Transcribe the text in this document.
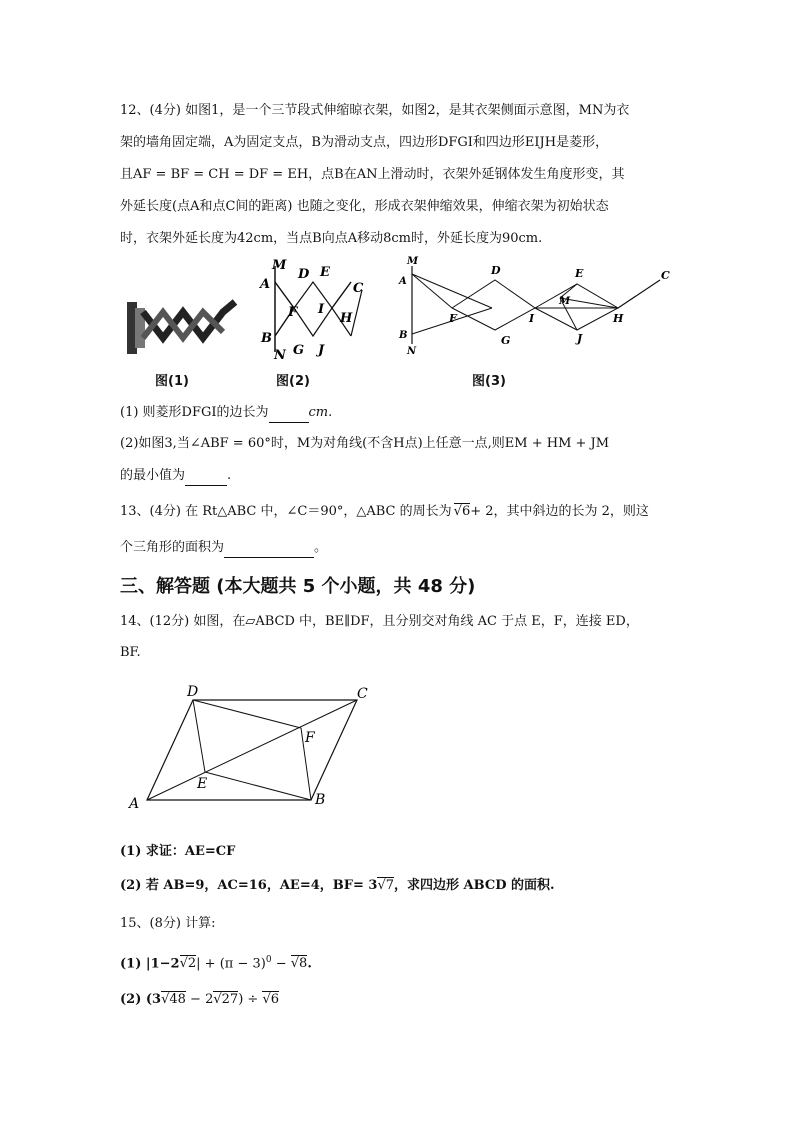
12、(4分) 如图1，是一个三节段式伸缩晾衣架，如图2，是其衣架侧面示意图，MN为衣
架的墙角固定端，A为固定支点，B为滑动支点，四边形DFGI和四边形EIJH是菱形，
且AF = BF = CH = DF = EH，点B在AN上滑动时，衣架外延钢体发生角度形变，其
外延长度(点A和点C间的距离) 也随之变化，形成衣架伸缩效果，伸缩衣架为初始状态
时，衣架外延长度为42cm，当点B向点A移动8cm时，外延长度为90cm.
M
D E
A	C
F I
H
B
N G J
M
D	E	C
A
M
F	I	H
B
N
G	J
图(1)	图(2)	图(3)
(1) 则菱形DFGI的边长为	cm.
(2)如图3,当∠ABF = 60°时，M为对角线(不含H点)上任意一点,则EM + HM + JM
的最小值为	.
13、(4分) 在 Rt△ABC 中，∠C＝90°，△ABC 的周长为 √6+ 2，其中斜边的长为 2，则这
个三角形的面积为	。
三、解答题 (本大题共 5 个小题，共 48 分)
14、(12分) 如图，在▱ABCD 中，BE∥DF，且分别交对角线 AC 于点 E，F，连接 ED，
BF.
D	C
F
E
A	B
(1) 求证：AE=CF
(2) 若 AB=9，AC=16，AE=4，BF= 3√7，求四边形 ABCD 的面积.
15、(8分) 计算:
(1) $|1-2√2| + (\pi - 3)^0 - √8$.
(2) (3√48 − 2√27) ÷ √6
